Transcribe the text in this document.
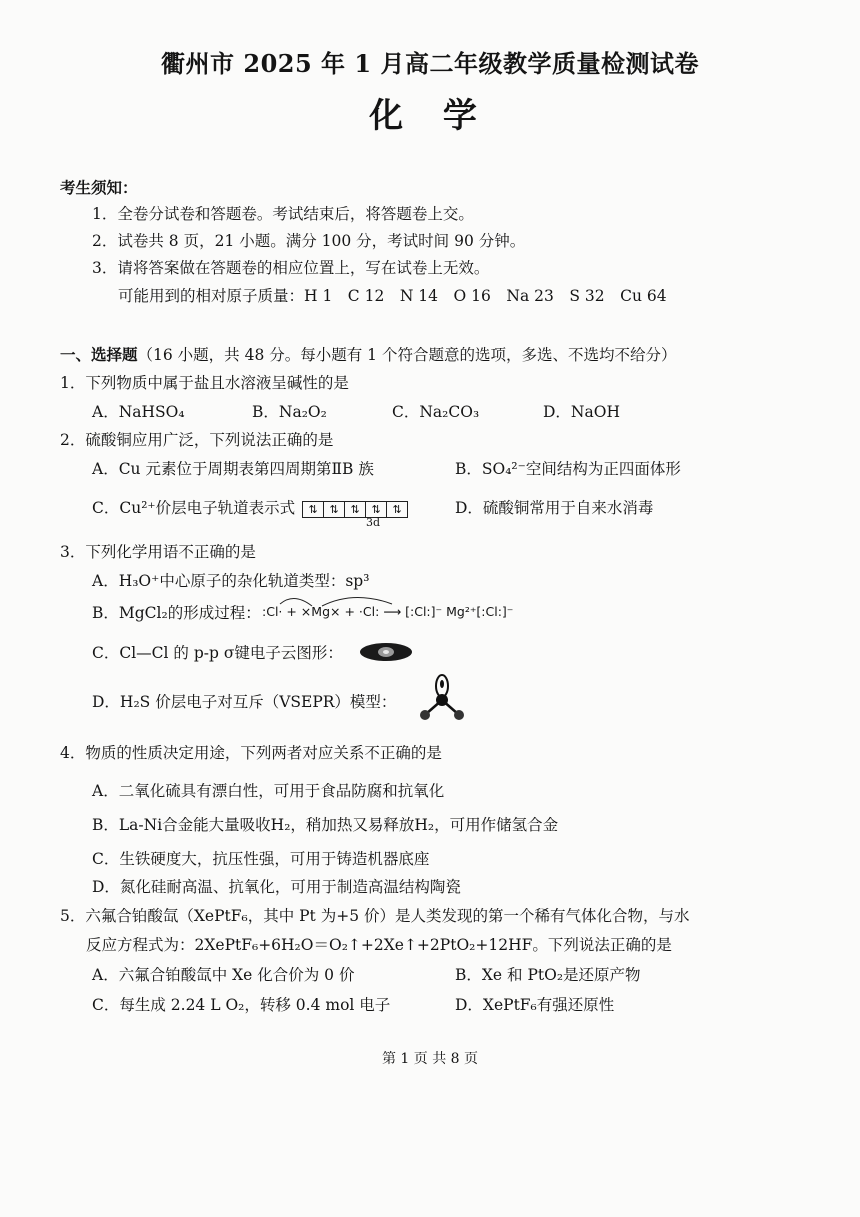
衢州市 2025 年 1 月高二年级教学质量检测试卷
化 学
考生须知：
1．全卷分试卷和答题卷。考试结束后，将答题卷上交。
2．试卷共 8 页，21 小题。满分 100 分，考试时间 90 分钟。
3．请将答案做在答题卷的相应位置上，写在试卷上无效。
可能用到的相对原子质量：H 1　C 12　N 14　O 16　Na 23　S 32　Cu 64
一、选择题（16 小题，共 48 分。每小题有 1 个符合题意的选项，多选、不选均不给分）
1．下列物质中属于盐且水溶液呈碱性的是
A．NaHSO₄	B．Na₂O₂	C．Na₂CO₃	D．NaOH
2．硫酸铜应用广泛，下列说法正确的是
A．Cu 元素位于周期表第四周期第ⅡB 族	B．SO₄²⁻空间结构为正四面体形
C．Cu²⁺价层电子轨道表示式	⇅	⇅	⇅	⇅	⇅
3d
D．硫酸铜常用于自来水消毒
3．下列化学用语不正确的是
A．H₃O⁺中心原子的杂化轨道类型：sp³
B．MgCl₂的形成过程： :Cl· + ×Mg× + ·Cl: ⟶ [:Cl:]⁻ Mg²⁺[:Cl:]⁻
C．Cl—Cl 的 p-p σ键电子云图形：
D．H₂S 价层电子对互斥（VSEPR）模型：
4．物质的性质决定用途，下列两者对应关系不正确的是
A．二氧化硫具有漂白性，可用于食品防腐和抗氧化
B．La-Ni合金能大量吸收H₂，稍加热又易释放H₂，可用作储氢合金
C．生铁硬度大，抗压性强，可用于铸造机器底座
D．氮化硅耐高温、抗氧化，可用于制造高温结构陶瓷
5．六氟合铂酸氙（XePtF₆，其中 Pt 为+5 价）是人类发现的第一个稀有气体化合物，与水
反应方程式为：2XePtF₆+6H₂O＝O₂↑+2Xe↑+2PtO₂+12HF。下列说法正确的是
A．六氟合铂酸氙中 Xe 化合价为 0 价	B．Xe 和 PtO₂是还原产物
C．每生成 2.24 L O₂，转移 0.4 mol 电子	D．XePtF₆有强还原性
第 1 页 共 8 页
